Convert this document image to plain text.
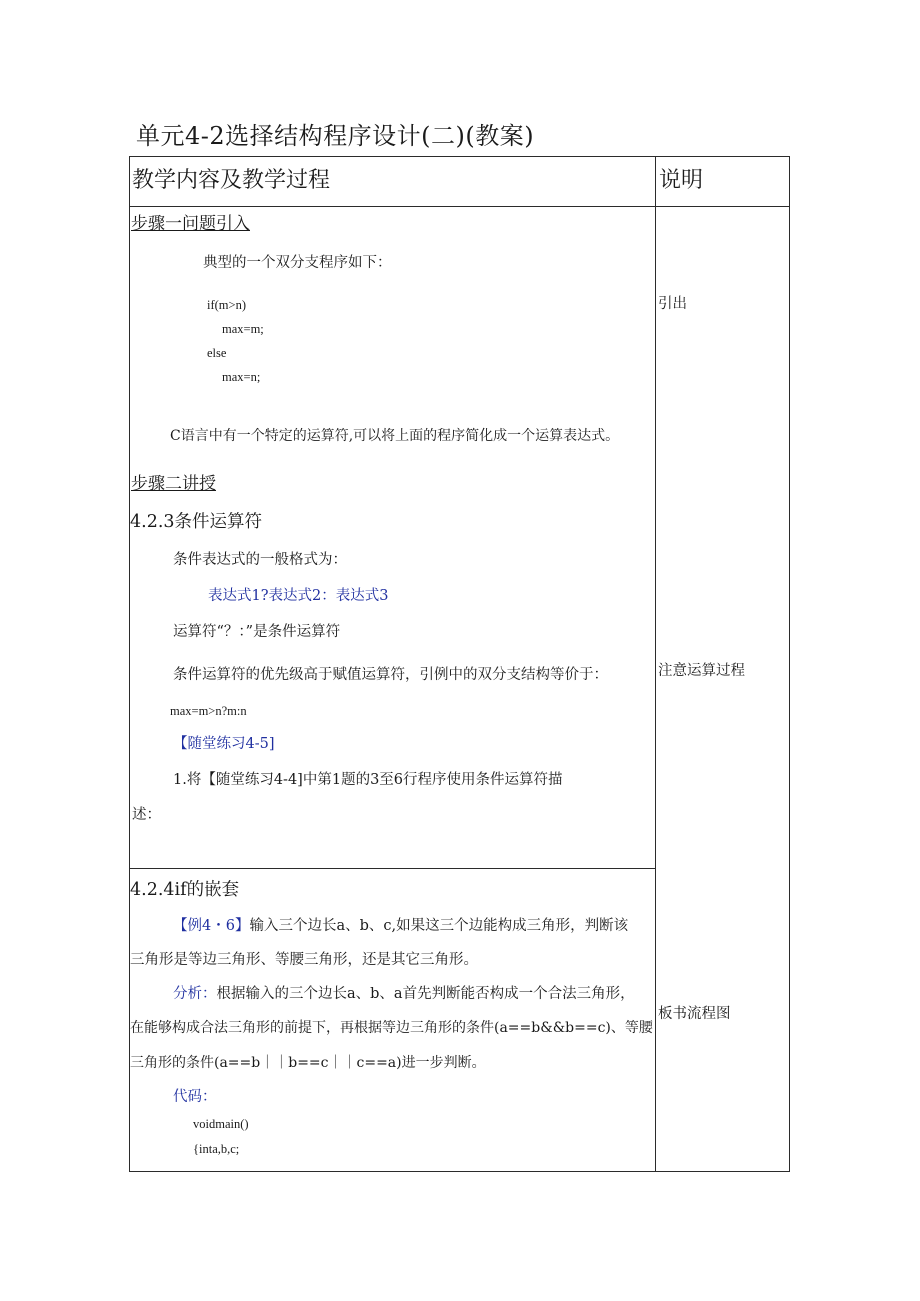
单元4-2选择结构程序设计(二)(教案)
教学内容及教学过程	说明
步骤一问题引入
典型的一个双分支程序如下：
if(m>n)
max=m;
else
max=n;
C语言中有一个特定的运算符,可以将上面的程序简化成一个运算表达式。
步骤二讲授
4.2.3条件运算符
条件表达式的一般格式为：
表达式1?表达式2：表达式3
运算符“？：”是条件运算符
条件运算符的优先级高于赋值运算符，引例中的双分支结构等价于：
max=m>n?m:n
【随堂练习4-5]
1.将【随堂练习4-4]中第1题的3至6行程序使用条件运算符描
述：
4.2.4if的嵌套
【例4・6】输入三个边长a、b、c,如果这三个边能构成三角形，判断该
三角形是等边三角形、等腰三角形，还是其它三角形。
分析：根据输入的三个边长a、b、a首先判断能否构成一个合法三角形，
在能够构成合法三角形的前提下，再根据等边三角形的条件(a==b&&b==c)、等腰
三角形的条件(a==b｜｜b==c｜｜c==a)进一步判断。
代码：
voidmain()
{inta,b,c;
引出
注意运算过程
板书流程图
